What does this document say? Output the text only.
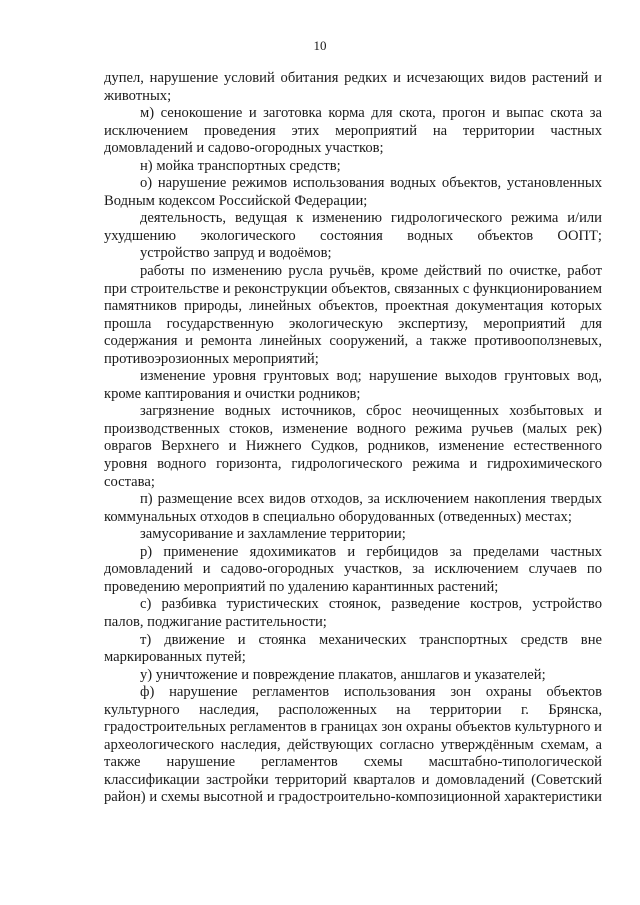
10

дупел, нарушение условий обитания редких и исчезающих видов растений и животных;

м) сенокошение и заготовка корма для скота, прогон и выпас скота за исключением проведения этих мероприятий на территории частных домовладений и садово-огородных участков;

н) мойка транспортных средств;

о) нарушение режимов использования водных объектов, установленных Водным кодексом Российской Федерации;

деятельность, ведущая к изменению гидрологического режима и/или ухудшению экологического состояния водных объектов ООПТ;

устройство запруд и водоёмов;

работы по изменению русла ручьёв, кроме действий по очистке, работ при строительстве и реконструкции объектов, связанных с функционированием памятников природы, линейных объектов, проектная документация которых прошла государственную экологическую экспертизу, мероприятий для содержания и ремонта линейных сооружений, а также противооползневых, противоэрозионных мероприятий;

изменение уровня грунтовых вод; нарушение выходов грунтовых вод, кроме каптирования и очистки родников;

загрязнение водных источников, сброс неочищенных хозбытовых и производственных стоков, изменение водного режима ручьев (малых рек) оврагов Верхнего и Нижнего Судков, родников, изменение естественного уровня водного горизонта, гидрологического режима и гидрохимического состава;

п) размещение всех видов отходов, за исключением накопления твердых коммунальных отходов в специально оборудованных (отведенных) местах;

замусоривание и захламление территории;

р) применение ядохимикатов и гербицидов за пределами частных домовладений и садово-огородных участков, за исключением случаев по проведению мероприятий по удалению карантинных растений;

с) разбивка туристических стоянок, разведение костров, устройство палов, поджигание растительности;

т) движение и стоянка механических транспортных средств вне маркированных путей;

у) уничтожение и повреждение плакатов, аншлагов и указателей;

ф) нарушение регламентов использования зон охраны объектов культурного наследия, расположенных на территории г. Брянска, градостроительных регламентов в границах зон охраны объектов культурного и археологического наследия, действующих согласно утверждённым схемам, а также нарушение регламентов схемы масштабно-типологической классификации застройки территорий кварталов и домовладений (Советский район) и схемы высотной и градостроительно-композиционной характеристики
